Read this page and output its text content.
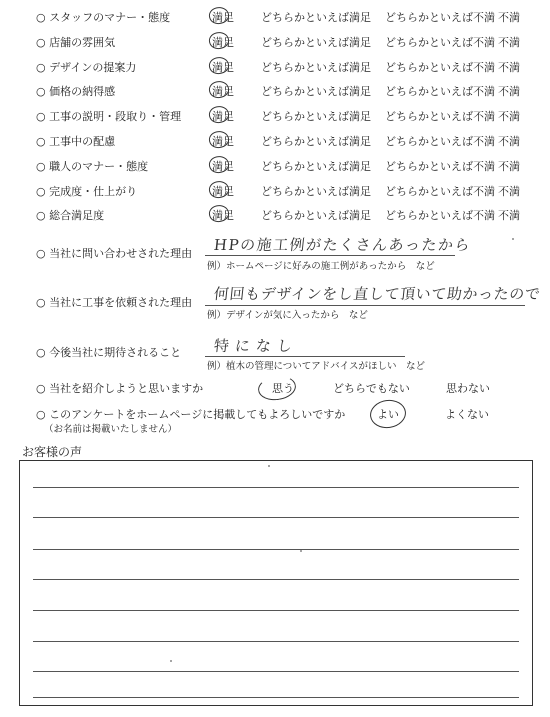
○ スタッフのマナー・態度	満足 どちらかといえば満足 どちらかといえば不満 不満
○ 店舗の雰囲気	満足 どちらかといえば満足 どちらかといえば不満 不満
○ デザインの提案力	満足 どちらかといえば満足 どちらかといえば不満 不満
○ 価格の納得感	満足 どちらかといえば満足 どちらかといえば不満 不満
○ 工事の説明・段取り・管理	満足 どちらかといえば満足 どちらかといえば不満 不満
○ 工事中の配慮	満足 どちらかといえば満足 どちらかといえば不満 不満
○ 職人のマナー・態度	満足 どちらかといえば満足 どちらかといえば不満 不満
○ 完成度・仕上がり	満足 どちらかといえば満足 どちらかといえば不満 不満
○ 総合満足度	満足 どちらかといえば満足 どちらかといえば不満 不満
○ 当社に問い合わせされた理由 HPの施工例がたくさんあったから
例）ホームページに好みの施工例があったから　など
○ 当社に工事を依頼された理由 何回もデザインをし直して頂いて助かったので
例）デザインが気に入ったから　など
○ 今後当社に期待されること 特になし
例）植木の管理についてアドバイスがほしい　など
○ 当社を紹介しようと思いますか	思う	どちらでもない	思わない
○ このアンケートをホームページに掲載してもよろしいですか
（お名前は掲載いたしません）
よい	よくない
お客様の声
